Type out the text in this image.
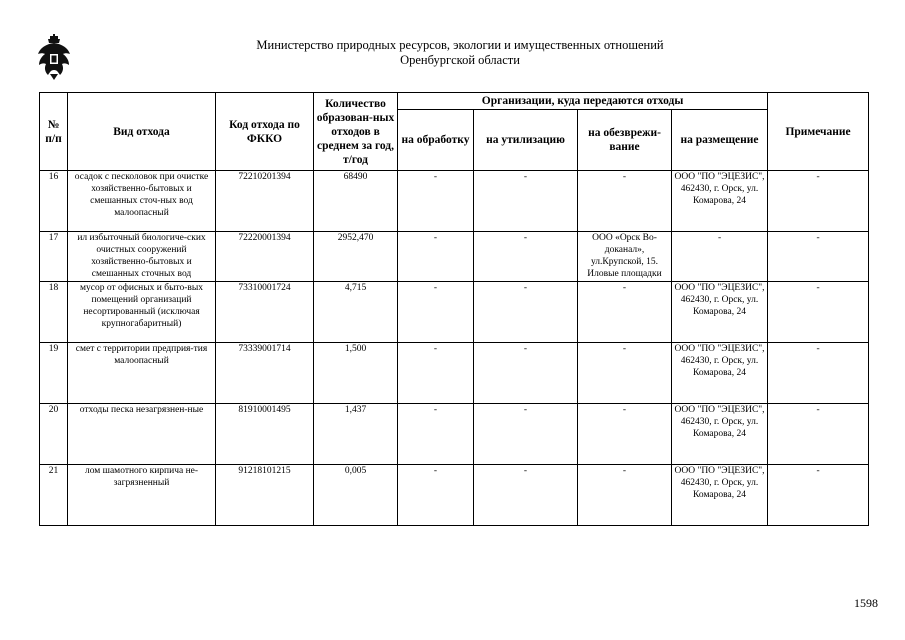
Министерство природных ресурсов, экологии и имущественных отношений
Оренбургской области
№ п/п	Вид отхода	Код отхода по ФККО	Количество образован-ных отходов в среднем за год, т/год	Организации, куда передаются отходы				Примечание
				на обработку	на утилизацию	на обезврежи-вание	на размещение	
16	осадок с песколовок при очистке хозяйственно-бытовых и смешанных сточ-ных вод малоопасный	72210201394	68490	-	-	-	ООО "ПО "ЭЦЕЗИС", 462430, г. Орск, ул. Комарова, 24	-
17	ил избыточный биологиче-ских очистных сооружений хозяйственно-бытовых и смешанных сточных вод	72220001394	2952,470	-	-	ООО «Орск Во-доканал», ул.Крупской, 15. Иловые площадки	-	-
18	мусор от офисных и быто-вых помещений организаций несортированный (исключая крупногабаритный)	73310001724	4,715	-	-	-	ООО "ПО "ЭЦЕЗИС", 462430, г. Орск, ул. Комарова, 24	-
19	смет с территории предприя-тия малоопасный	73339001714	1,500	-	-	-	ООО "ПО "ЭЦЕЗИС", 462430, г. Орск, ул. Комарова, 24	-
20	отходы песка незагрязнен-ные	81910001495	1,437	-	-	-	ООО "ПО "ЭЦЕЗИС", 462430, г. Орск, ул. Комарова, 24	-
21	лом шамотного кирпича не-загрязненный	91218101215	0,005	-	-	-	ООО "ПО "ЭЦЕЗИС", 462430, г. Орск, ул. Комарова, 24	-
1598
